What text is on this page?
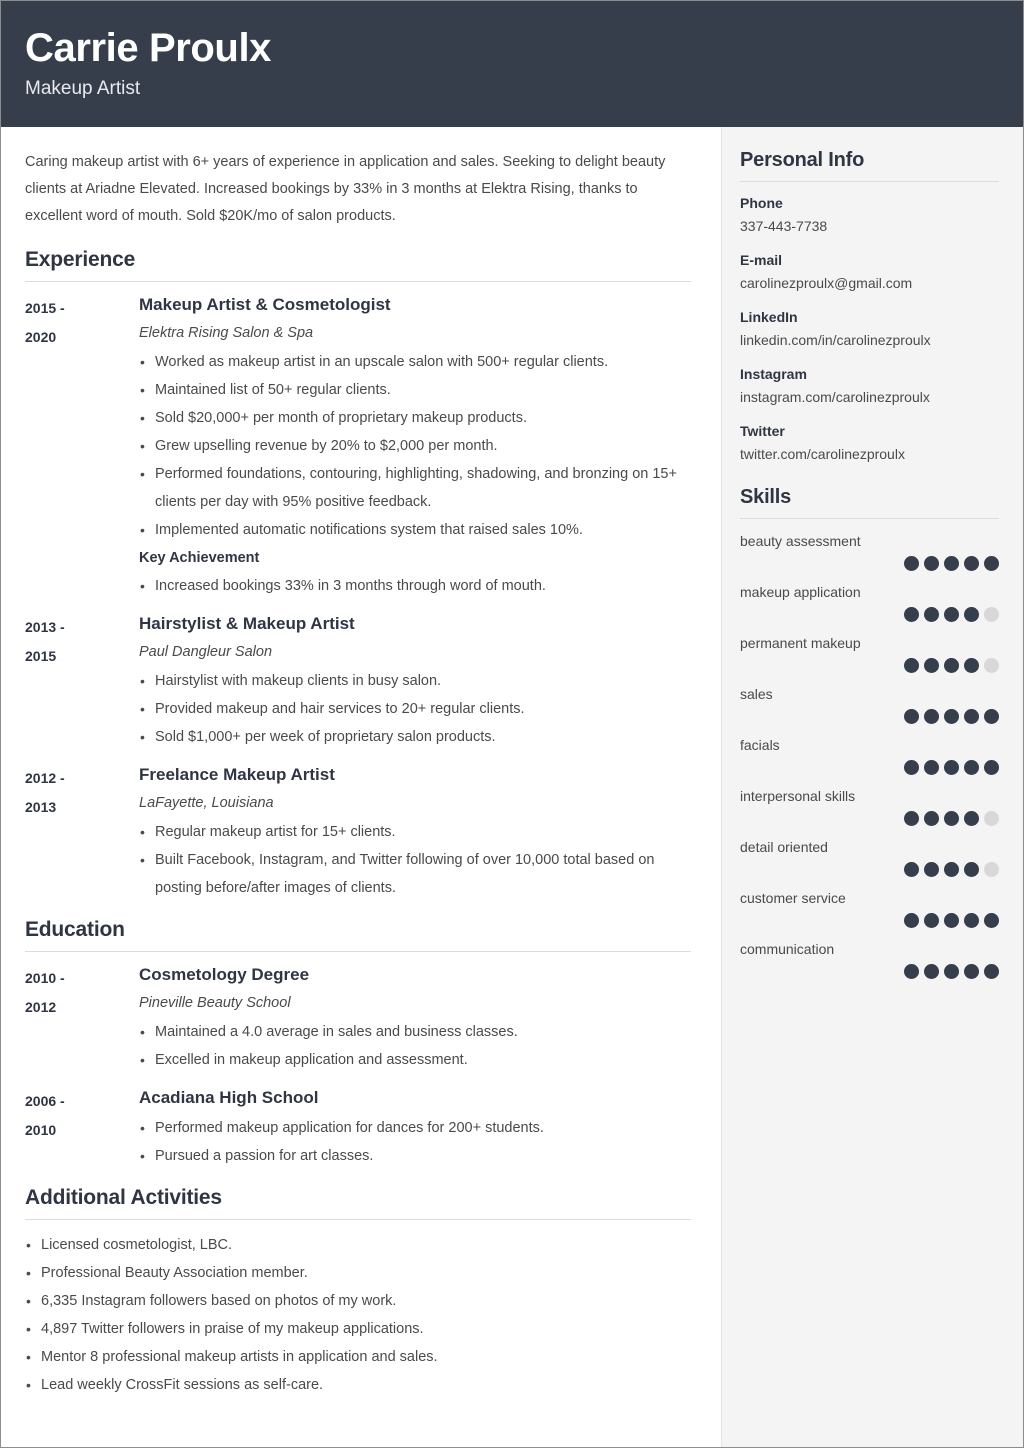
Carrie Proulx
Makeup Artist
Caring makeup artist with 6+ years of experience in application and sales. Seeking to delight beauty clients at Ariadne Elevated. Increased bookings by 33% in 3 months at Elektra Rising, thanks to excellent word of mouth. Sold $20K/mo of salon products.
Experience
2015 -
2020
Makeup Artist & Cosmetologist
Elektra Rising Salon & Spa
• Worked as makeup artist in an upscale salon with 500+ regular clients.
• Maintained list of 50+ regular clients.
• Sold $20,000+ per month of proprietary makeup products.
• Grew upselling revenue by 20% to $2,000 per month.
• Performed foundations, contouring, highlighting, shadowing, and bronzing on 15+ clients per day with 95% positive feedback.
• Implemented automatic notifications system that raised sales 10%.
Key Achievement
• Increased bookings 33% in 3 months through word of mouth.
2013 -
2015
Hairstylist & Makeup Artist
Paul Dangleur Salon
• Hairstylist with makeup clients in busy salon.
• Provided makeup and hair services to 20+ regular clients.
• Sold $1,000+ per week of proprietary salon products.
2012 -
2013
Freelance Makeup Artist
LaFayette, Louisiana
• Regular makeup artist for 15+ clients.
• Built Facebook, Instagram, and Twitter following of over 10,000 total based on posting before/after images of clients.
Education
2010 -
2012
Cosmetology Degree
Pineville Beauty School
• Maintained a 4.0 average in sales and business classes.
• Excelled in makeup application and assessment.
2006 -
2010
Acadiana High School
• Performed makeup application for dances for 200+ students.
• Pursued a passion for art classes.
Additional Activities
• Licensed cosmetologist, LBC.
• Professional Beauty Association member.
• 6,335 Instagram followers based on photos of my work.
• 4,897 Twitter followers in praise of my makeup applications.
• Mentor 8 professional makeup artists in application and sales.
• Lead weekly CrossFit sessions as self-care.
Personal Info
Phone
337-443-7738
E-mail
carolinezproulx@gmail.com
LinkedIn
linkedin.com/in/carolinezproulx
Instagram
instagram.com/carolinezproulx
Twitter
twitter.com/carolinezproulx
Skills
beauty assessment
makeup application
permanent makeup
sales
facials
interpersonal skills
detail oriented
customer service
communication
